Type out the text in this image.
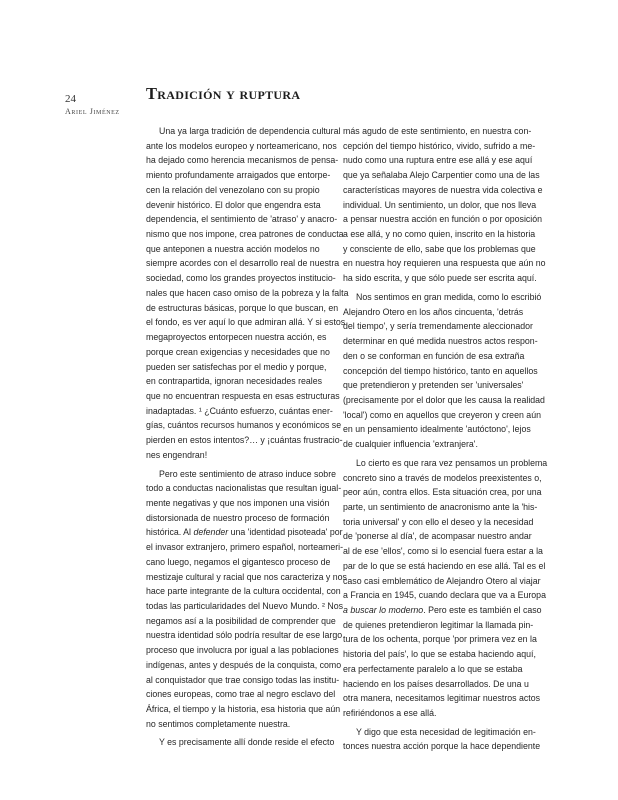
24
Ariel Jiménez
Tradición y ruptura
Una ya larga tradición de dependencia cultural
ante los modelos europeo y norteamericano, nos
ha dejado como herencia mecanismos de pensa-
miento profundamente arraigados que entorpe-
cen la relación del venezolano con su propio
devenir histórico. El dolor que engendra esta
dependencia, el sentimiento de 'atraso' y anacro-
nismo que nos impone, crea patrones de conducta
que anteponen a nuestra acción modelos no
siempre acordes con el desarrollo real de nuestra
sociedad, como los grandes proyectos institucio-
nales que hacen caso omiso de la pobreza y la falta
de estructuras básicas, porque lo que buscan, en
el fondo, es ver aquí lo que admiran allá. Y si estos
megaproyectos entorpecen nuestra acción, es
porque crean exigencias y necesidades que no
pueden ser satisfechas por el medio y porque,
en contrapartida, ignoran necesidades reales
que no encuentran respuesta en esas estructuras
inadaptadas. ¹ ¿Cuánto esfuerzo, cuántas ener-
gías, cuántos recursos humanos y económicos se
pierden en estos intentos?… y ¡cuántas frustracio-
nes engendran!
Pero este sentimiento de atraso induce sobre
todo a conductas nacionalistas que resultan igual-
mente negativas y que nos imponen una visión
distorsionada de nuestro proceso de formación
histórica. Al defender una 'identidad pisoteada' por
el invasor extranjero, primero español, norteameri-
cano luego, negamos el gigantesco proceso de
mestizaje cultural y racial que nos caracteriza y nos
hace parte integrante de la cultura occidental, con
todas las particularidades del Nuevo Mundo. ² Nos
negamos así a la posibilidad de comprender que
nuestra identidad sólo podría resultar de ese largo
proceso que involucra por igual a las poblaciones
indígenas, antes y después de la conquista, como
al conquistador que trae consigo todas las institu-
ciones europeas, como trae al negro esclavo del
África, el tiempo y la historia, esa historia que aún
no sentimos completamente nuestra.
Y es precisamente allí donde reside el efecto
más agudo de este sentimiento, en nuestra con-
cepción del tiempo histórico, vivido, sufrido a me-
nudo como una ruptura entre ese allá y ese aquí
que ya señalaba Alejo Carpentier como una de las
características mayores de nuestra vida colectiva e
individual. Un sentimiento, un dolor, que nos lleva
a pensar nuestra acción en función o por oposición
a ese allá, y no como quien, inscrito en la historia
y consciente de ello, sabe que los problemas que
en nuestra hoy requieren una respuesta que aún no
ha sido escrita, y que sólo puede ser escrita aquí.
Nos sentimos en gran medida, como lo escribió
Alejandro Otero en los años cincuenta, 'detrás
del tiempo', y sería tremendamente aleccionador
determinar en qué medida nuestros actos respon-
den o se conforman en función de esa extraña
concepción del tiempo histórico, tanto en aquellos
que pretendieron y pretenden ser 'universales'
(precisamente por el dolor que les causa la realidad
'local') como en aquellos que creyeron y creen aún
en un pensamiento idealmente 'autóctono', lejos
de cualquier influencia 'extranjera'.
Lo cierto es que rara vez pensamos un problema
concreto sino a través de modelos preexistentes o,
peor aún, contra ellos. Esta situación crea, por una
parte, un sentimiento de anacronismo ante la 'his-
toria universal' y con ello el deseo y la necesidad
de 'ponerse al día', de acompasar nuestro andar
al de ese 'ellos', como si lo esencial fuera estar a la
par de lo que se está haciendo en ese allá. Tal es el
caso casi emblemático de Alejandro Otero al viajar
a Francia en 1945, cuando declara que va a Europa
a buscar lo moderno. Pero este es también el caso
de quienes pretendieron legitimar la llamada pin-
tura de los ochenta, porque 'por primera vez en la
historia del país', lo que se estaba haciendo aquí,
era perfectamente paralelo a lo que se estaba
haciendo en los países desarrollados. De una u
otra manera, necesitamos legitimar nuestros actos
refiriéndonos a ese allá.
Y digo que esta necesidad de legitimación en-
tonces nuestra acción porque la hace dependiente
